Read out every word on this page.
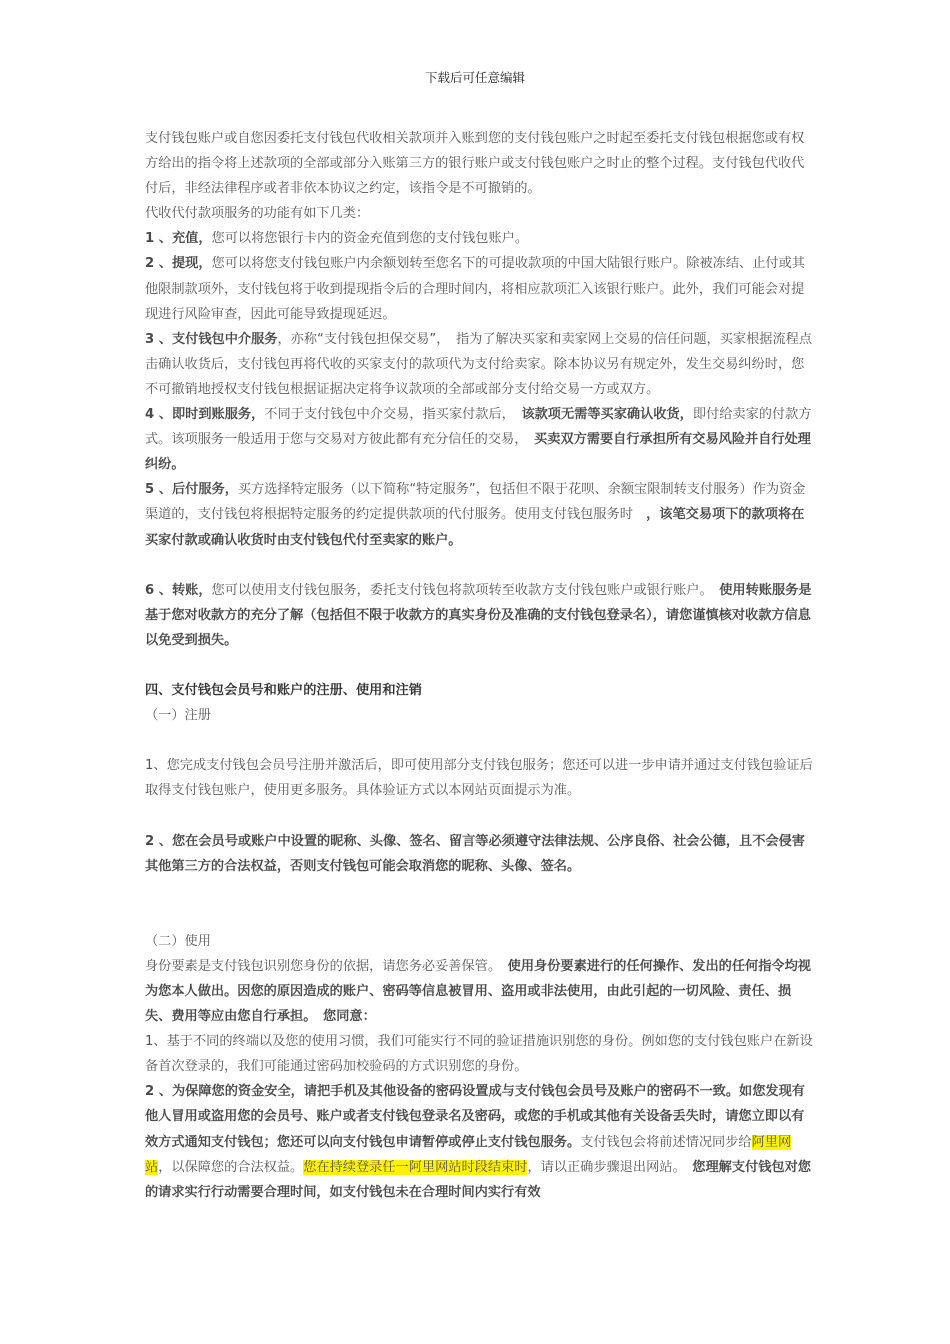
下载后可任意编辑

支付钱包账户或自您因委托支付钱包代收相关款项并入账到您的支付钱包账户之时起至委托支付钱包根据您或有权方给出的指令将上述款项的全部或部分入账第三方的银行账户或支付钱包账户之时止的整个过程。支付钱包代收代付后，非经法律程序或者非依本协议之约定，该指令是不可撤销的。

代收代付款项服务的功能有如下几类：

1 、充值，您可以将您银行卡内的资金充值到您的支付钱包账户。

2 、提现，您可以将您支付钱包账户内余额划转至您名下的可提收款项的中国大陆银行账户。除被冻结、止付或其他限制款项外，支付钱包将于收到提现指令后的合理时间内，将相应款项汇入该银行账户。此外，我们可能会对提现进行风险审查，因此可能导致提现延迟。

3 、支付钱包中介服务，亦称“支付钱包担保交易”，　指为了解决买家和卖家网上交易的信任问题，买家根据流程点击确认收货后，支付钱包再将代收的买家支付的款项代为支付给卖家。除本协议另有规定外，发生交易纠纷时，您不可撤销地授权支付钱包根据证据决定将争议款项的全部或部分支付给交易一方或双方。

4 、即时到账服务，不同于支付钱包中介交易，指买家付款后，　该款项无需等买家确认收货，即付给卖家的付款方式。该项服务一般适用于您与交易对方彼此都有充分信任的交易，　买卖双方需要自行承担所有交易风险并自行处理纠纷。

5 、后付服务，买方选择特定服务（以下简称“特定服务”，包括但不限于花呗、余额宝限制转支付服务）作为资金渠道的，支付钱包将根据特定服务的约定提供款项的代付服务。使用支付钱包服务时　，该笔交易项下的款项将在买家付款或确认收货时由支付钱包代付至卖家的账户。

6 、转账，您可以使用支付钱包服务，委托支付钱包将款项转至收款方支付钱包账户或银行账户。　使用转账服务是基于您对收款方的充分了解（包括但不限于收款方的真实身份及准确的支付钱包登录名），请您谨慎核对收款方信息以免受到损失。

四、支付钱包会员号和账户的注册、使用和注销

（一）注册

1、您完成支付钱包会员号注册并激活后，即可使用部分支付钱包服务；您还可以进一步申请并通过支付钱包验证后取得支付钱包账户，使用更多服务。具体验证方式以本网站页面提示为准。

2 、您在会员号或账户中设置的昵称、头像、签名、留言等必须遵守法律法规、公序良俗、社会公德，且不会侵害其他第三方的合法权益，否则支付钱包可能会取消您的昵称、头像、签名。

（二）使用

身份要素是支付钱包识别您身份的依据，请您务必妥善保管。　使用身份要素进行的任何操作、发出的任何指令均视为您本人做出。因您的原因造成的账户、密码等信息被冒用、盗用或非法使用，由此引起的一切风险、责任、损失、费用等应由您自行承担。　您同意：

1、基于不同的终端以及您的使用习惯，我们可能实行不同的验证措施识别您的身份。例如您的支付钱包账户在新设备首次登录的，我们可能通过密码加校验码的方式识别您的身份。

2 、为保障您的资金安全，请把手机及其他设备的密码设置成与支付钱包会员号及账户的密码不一致。如您发现有他人冒用或盗用您的会员号、账户或者支付钱包登录名及密码，或您的手机或其他有关设备丢失时，请您立即以有效方式通知支付钱包；您还可以向支付钱包申请暂停或停止支付钱包服务。支付钱包会将前述情况同步给阿里网站，以保障您的合法权益。您在持续登录任一阿里网站时段结束时，请以正确步骤退出网站。　您理解支付钱包对您的请求实行行动需要合理时间，如支付钱包未在合理时间内实行有效
